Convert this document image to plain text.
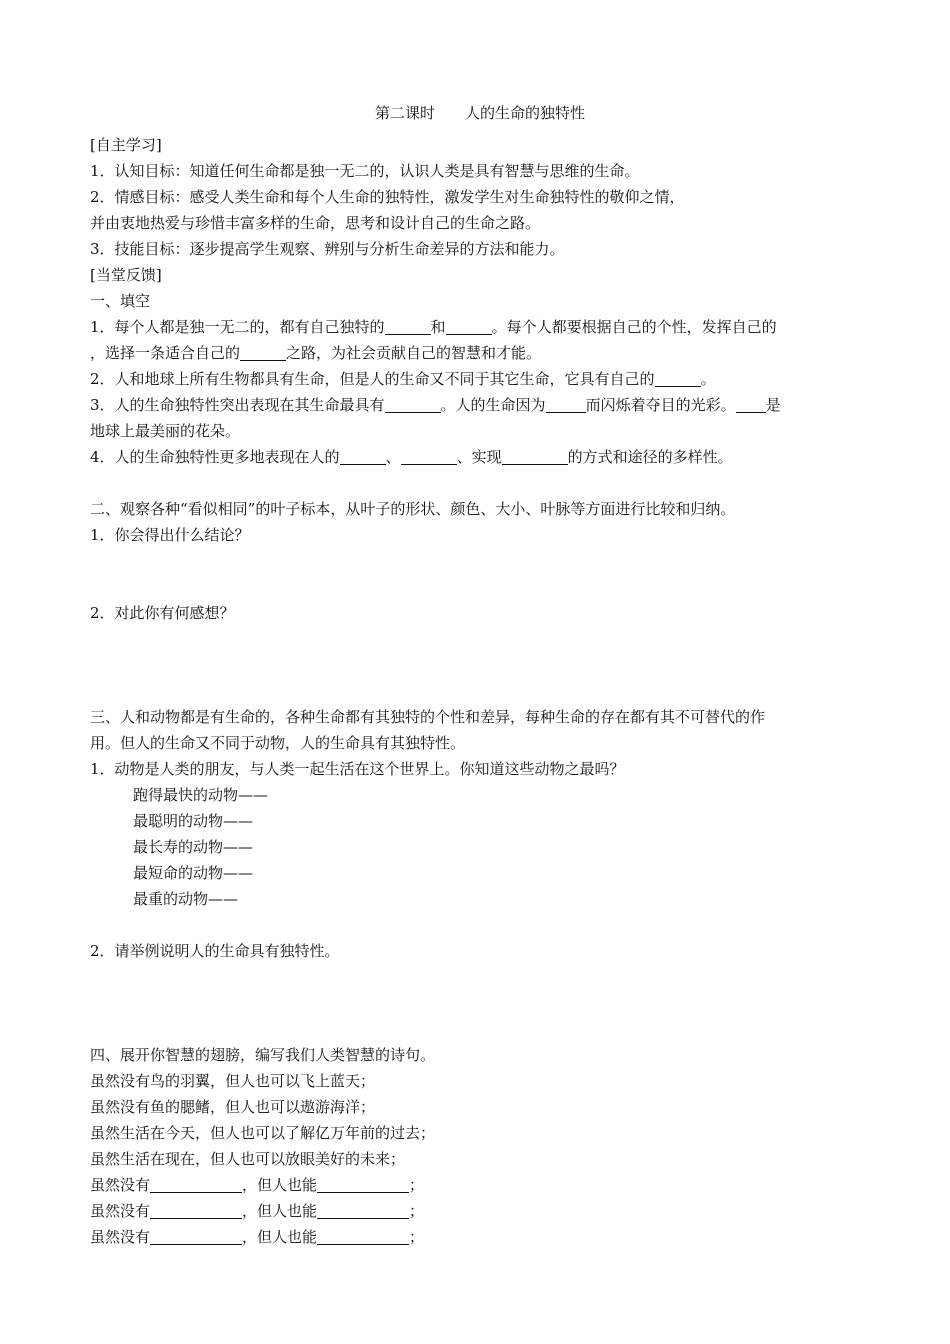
第二课时　　人的生命的独特性

[自主学习]

1．认知目标：知道任何生命都是独一无二的，认识人类是具有智慧与思维的生命。

2．情感目标：感受人类生命和每个人生命的独特性，激发学生对生命独特性的敬仰之情，

并由衷地热爱与珍惜丰富多样的生命，思考和设计自己的生命之路。

3．技能目标：逐步提高学生观察、辨别与分析生命差异的方法和能力。

[当堂反馈]

一、填空

1．每个人都是独一无二的，都有自己独特的	和	。每个人都要根据自己的个性，发挥自己的

，选择一条适合自己的	之路，为社会贡献自己的智慧和才能。

2．人和地球上所有生物都具有生命，但是人的生命又不同于其它生命，它具有自己的	。

3．人的生命独特性突出表现在其生命最具有	。人的生命因为	而闪烁着夺目的光彩。 是

地球上最美丽的花朵。

4．人的生命独特性更多地表现在人的	、	、实现	的方式和途径的多样性。

二、观察各种“看似相同”的叶子标本，从叶子的形状、颜色、大小、叶脉等方面进行比较和归纳。

1．你会得出什么结论？

2．对此你有何感想？

三、人和动物都是有生命的，各种生命都有其独特的个性和差异，每种生命的存在都有其不可替代的作

用。但人的生命又不同于动物，人的生命具有其独特性。

1．动物是人类的朋友，与人类一起生活在这个世界上。你知道这些动物之最吗？

跑得最快的动物——

最聪明的动物——

最长寿的动物——

最短命的动物——

最重的动物——

2．请举例说明人的生命具有独特性。

四、展开你智慧的翅膀，编写我们人类智慧的诗句。

虽然没有鸟的羽翼，但人也可以飞上蓝天；

虽然没有鱼的腮鳍，但人也可以遨游海洋；

虽然生活在今天，但人也可以了解亿万年前的过去；

虽然生活在现在，但人也可以放眼美好的未来；

虽然没有	，但人也能	；

虽然没有	，但人也能	；

虽然没有	，但人也能	；
